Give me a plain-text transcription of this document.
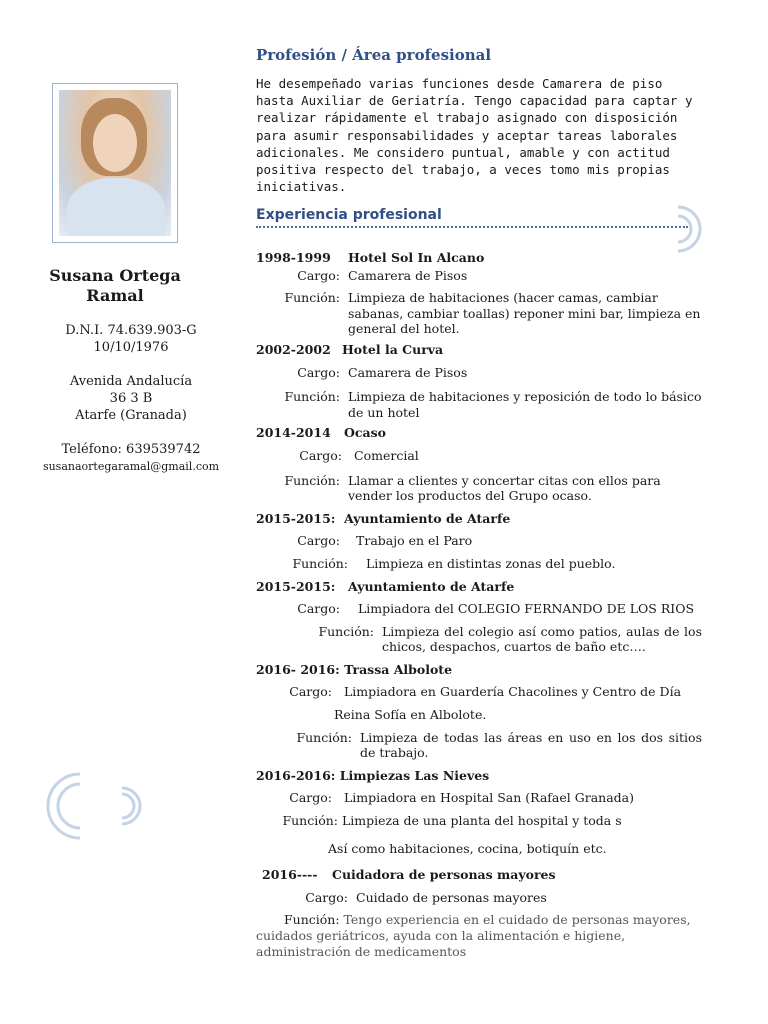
Susana Ortega
Ramal
D.N.I. 74.639.903-G
10/10/1976
Avenida Andalucía
36 3 B
Atarfe (Granada)
Teléfono: 639539742
susanaortegaramal@gmail.com
Profesión / Área profesional

He desempeñado varias funciones desde Camarera de piso hasta Auxiliar de Geriatría. Tengo capacidad para captar y realizar rápidamente el trabajo asignado con disposición para asumir responsabilidades y aceptar tareas laborales adicionales. Me considero puntual, amable y con actitud positiva respecto del trabajo, a veces tomo mis propias iniciativas.

Experiencia profesional
1998-1999 Hotel Sol In Alcano
Cargo: Camarera de Pisos
Función: Limpieza de habitaciones (hacer camas, cambiar sabanas, cambiar toallas) reponer mini bar, limpieza en general del hotel.
2002-2002 Hotel la Curva
Cargo: Camarera de Pisos
Función: Limpieza de habitaciones y reposición de todo lo básico de un hotel
2014-2014 Ocaso
Cargo: Comercial
Función: Llamar a clientes y concertar citas con ellos para vender los productos del Grupo ocaso.
2015-2015: Ayuntamiento de Atarfe
Cargo:	Trabajo en el Paro
Función:	Limpieza en distintas zonas del pueblo.
2015-2015: Ayuntamiento de Atarfe
Cargo:	Limpiadora del COLEGIO FERNANDO DE LOS RIOS
Función: Limpieza del colegio así como patios, aulas de los chicos, despachos, cuartos de baño etc….
2016- 2016: Trassa Albolote
Cargo: Limpiadora en Guardería Chacolines y Centro de Día
Reina Sofía en Albolote.
Función: Limpieza de todas las áreas en uso en los dos sitios de trabajo.
2016-2016: Limpiezas Las Nieves
Cargo: Limpiadora en Hospital San (Rafael Granada)
Función: Limpieza de una planta del hospital y toda s
Así como habitaciones, cocina, botiquín etc.
2016---- Cuidadora de personas mayores
Cargo: Cuidado de personas mayores
Función: Tengo experiencia en el cuidado de personas mayores, cuidados geriátricos, ayuda con la alimentación e higiene, administración de medicamentos
